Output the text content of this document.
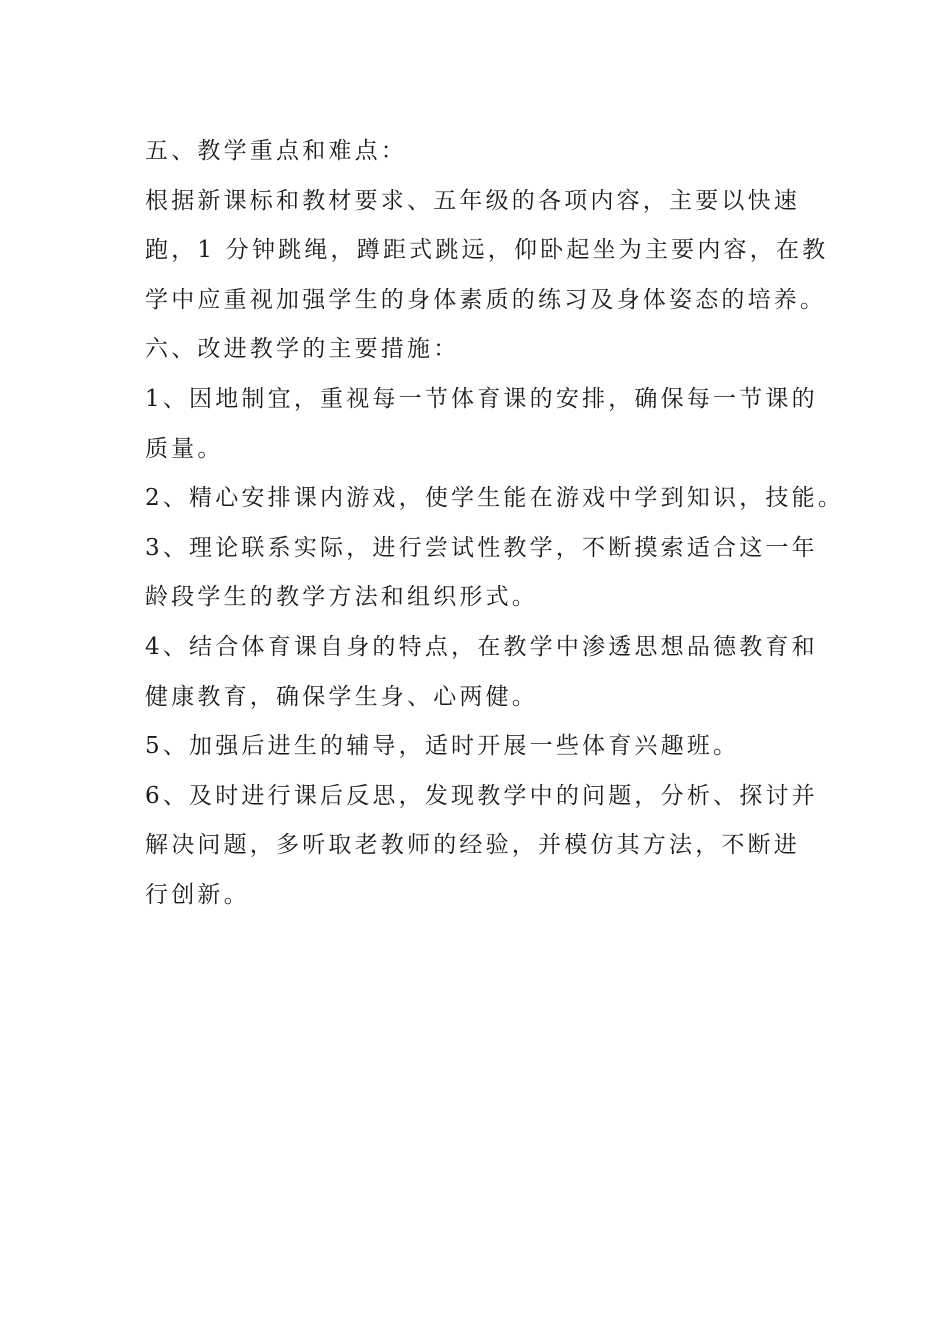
五、教学重点和难点：
根据新课标和教材要求、五年级的各项内容，主要以快速
跑，1 分钟跳绳，蹲距式跳远，仰卧起坐为主要内容，在教
学中应重视加强学生的身体素质的练习及身体姿态的培养。
六、改进教学的主要措施：
1、因地制宜，重视每一节体育课的安排，确保每一节课的
质量。
2、精心安排课内游戏，使学生能在游戏中学到知识，技能。
3、理论联系实际，进行尝试性教学，不断摸索适合这一年
龄段学生的教学方法和组织形式。
4、结合体育课自身的特点，在教学中渗透思想品德教育和
健康教育，确保学生身、心两健。
5、加强后进生的辅导，适时开展一些体育兴趣班。
6、及时进行课后反思，发现教学中的问题，分析、探讨并
解决问题，多听取老教师的经验，并模仿其方法，不断进
行创新。
